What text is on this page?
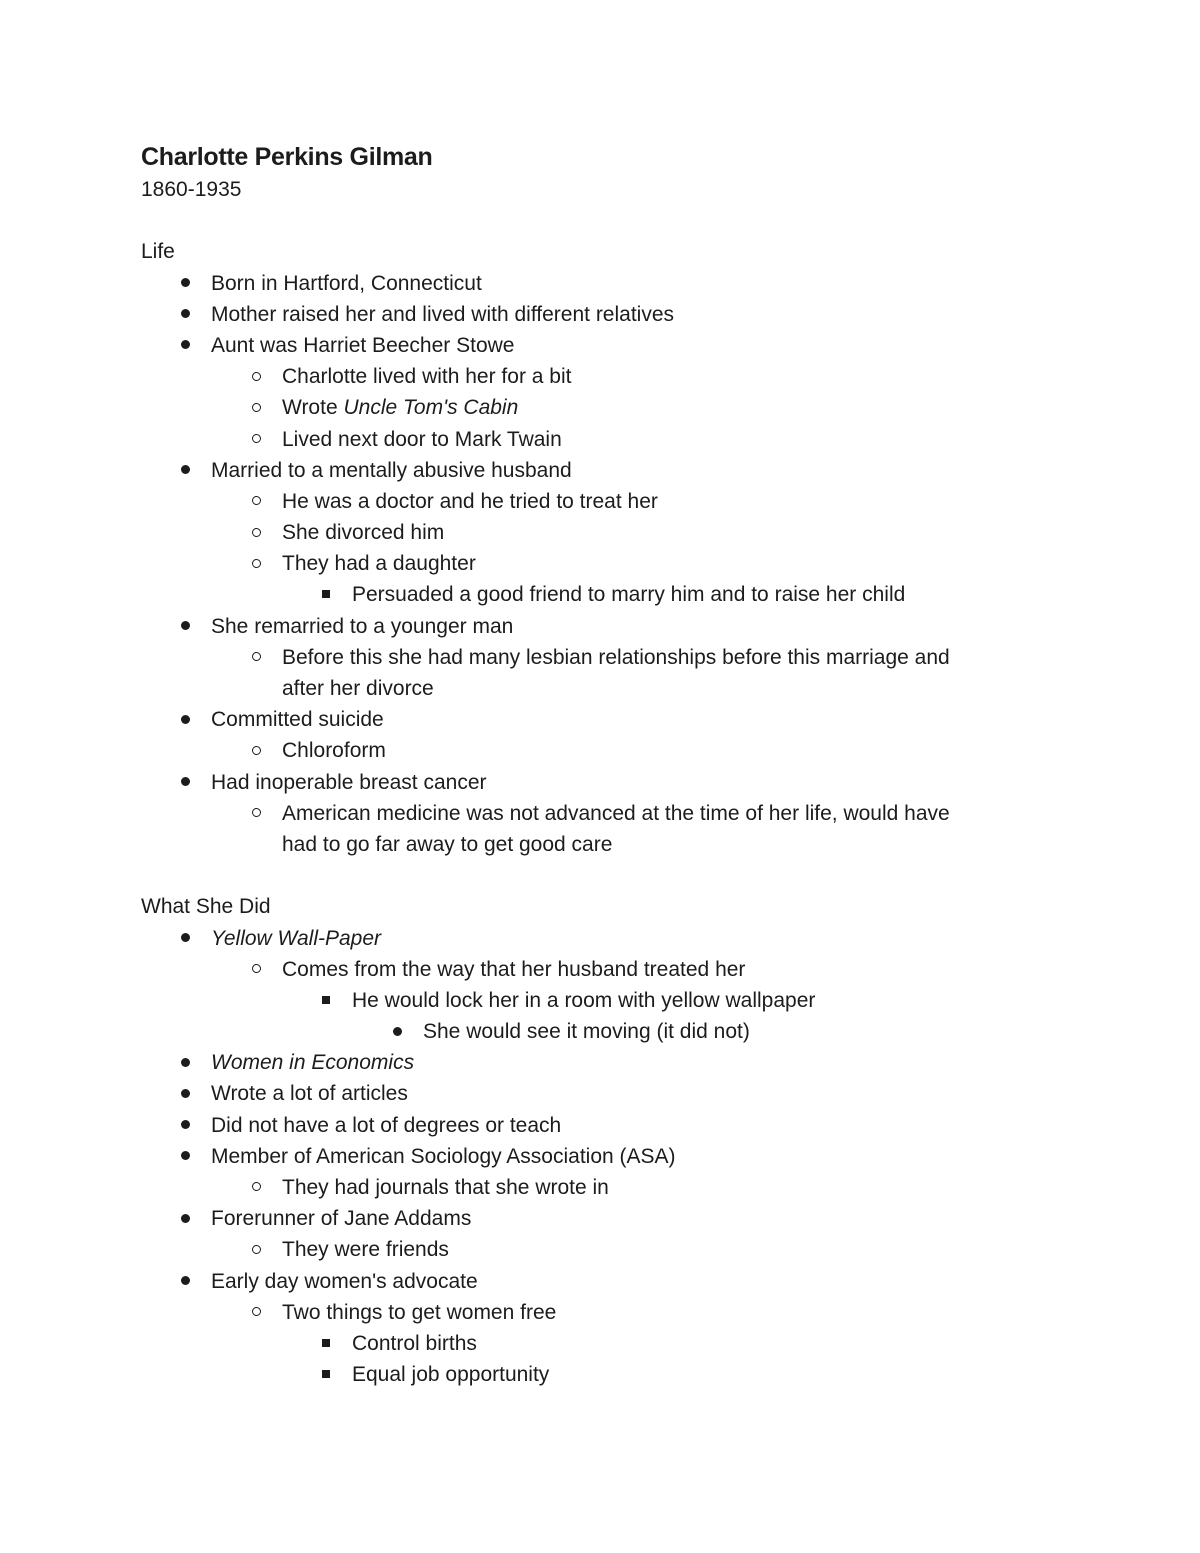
Charlotte Perkins Gilman
1860-1935
Life
Born in Hartford, Connecticut
Mother raised her and lived with different relatives
Aunt was Harriet Beecher Stowe
Charlotte lived with her for a bit
Wrote Uncle Tom's Cabin
Lived next door to Mark Twain
Married to a mentally abusive husband
He was a doctor and he tried to treat her
She divorced him
They had a daughter
Persuaded a good friend to marry him and to raise her child
She remarried to a younger man
Before this she had many lesbian relationships before this marriage and
after her divorce
Committed suicide
Chloroform
Had inoperable breast cancer
American medicine was not advanced at the time of her life, would have
had to go far away to get good care
What She Did
Yellow Wall-Paper
Comes from the way that her husband treated her
He would lock her in a room with yellow wallpaper
She would see it moving (it did not)
Women in Economics
Wrote a lot of articles
Did not have a lot of degrees or teach
Member of American Sociology Association (ASA)
They had journals that she wrote in
Forerunner of Jane Addams
They were friends
Early day women's advocate
Two things to get women free
Control births
Equal job opportunity
